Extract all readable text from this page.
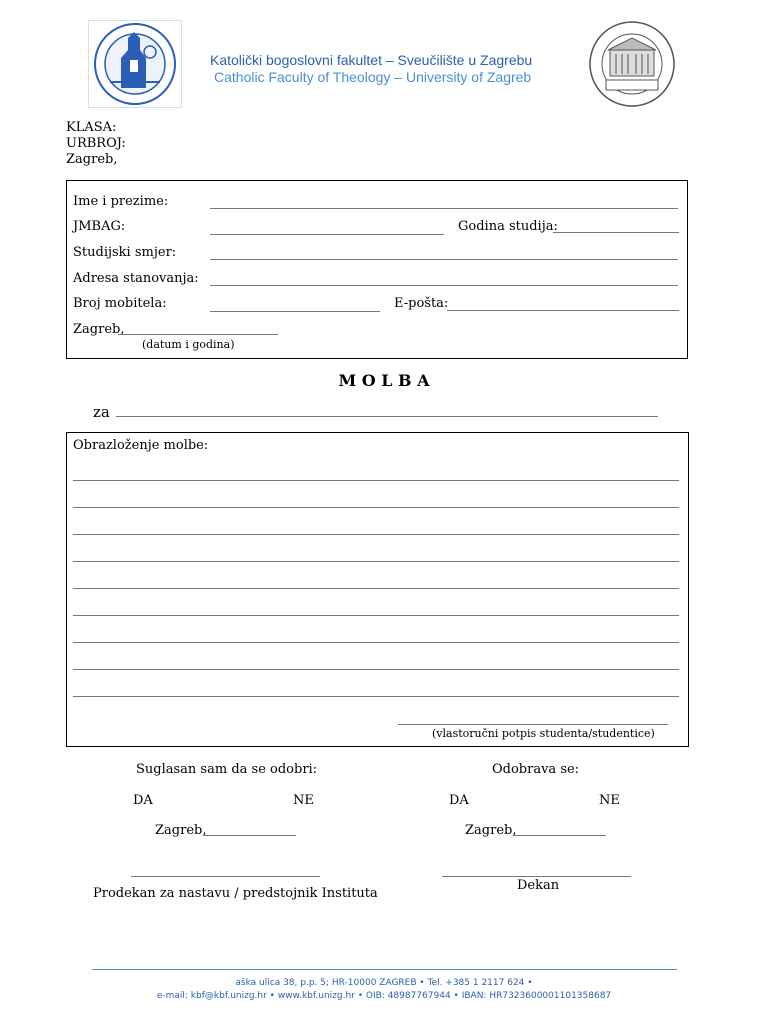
Katolički bogoslovni fakultet – Sveučilište u Zagrebu
Catholic Faculty of Theology – University of Zagreb
KLASA:
URBROJ:
Zagreb,
Ime i prezime:
JMBAG:	Godina studija:
Studijski smjer:
Adresa stanovanja:
Broj mobitela:	E-pošta:
Zagreb,
(datum i godina)
M O L B A
za
Obrazloženje molbe:
(vlastoručni potpis studenta/studentice)
Suglasan sam da se odobri:	Odobrava se:
DA	NE	DA	NE
Zagreb,	Zagreb,
Prodekan za nastavu / predstojnik Instituta
Dekan
aška ulica 38, p.p. 5; HR-10000 ZAGREB • Tel. +385 1 2117 624 •
e-mail: kbf@kbf.unizg.hr • www.kbf.unizg.hr • OIB: 48987767944 • IBAN: HR7323600001101358687
